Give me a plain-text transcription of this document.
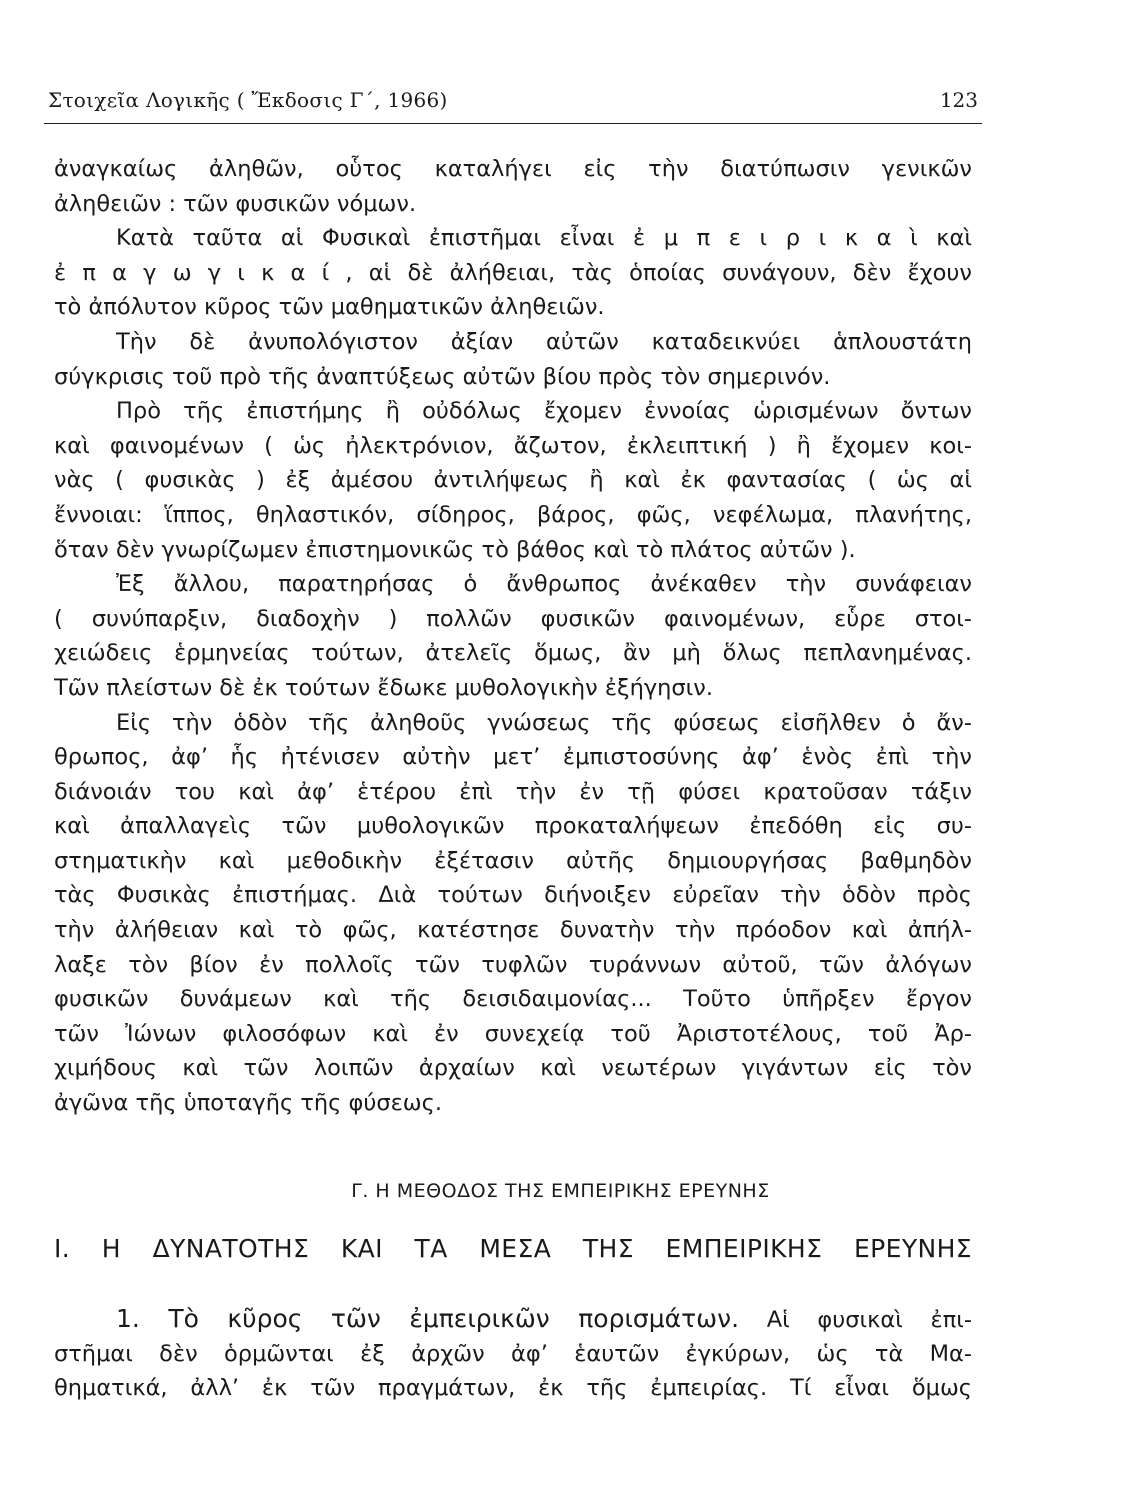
Στοιχεῖα Λογικῆς ( Ἔκδοσις Γ΄, 1966)	123
ἀναγκαίως ἀληθῶν, οὗτος καταλήγει εἰς τὴν διατύπωσιν γενικῶν
ἀληθειῶν : τῶν φυσικῶν νόμων.
Κατὰ ταῦτα αἱ Φυσικαὶ ἐπιστῆμαι εἶναι ἐ μ π ε ι ρ ι κ α ὶ καὶ
ἐ π α γ ω γ ι κ α ί , αἱ δὲ ἀλήθειαι, τὰς ὁποίας συνάγουν, δὲν ἔχουν
τὸ ἀπόλυτον κῦρος τῶν μαθηματικῶν ἀληθειῶν.
Τὴν δὲ ἀνυπολόγιστον ἀξίαν αὐτῶν καταδεικνύει ἁπλουστάτη
σύγκρισις τοῦ πρὸ τῆς ἀναπτύξεως αὐτῶν βίου πρὸς τὸν σημερινόν.
Πρὸ τῆς ἐπιστήμης ἢ οὐδόλως ἔχομεν ἐννοίας ὡρισμένων ὄντων
καὶ φαινομένων ( ὡς ἠλεκτρόνιον, ἄζωτον, ἐκλειπτική ) ἢ ἔχομεν κοι-
νὰς ( φυσικὰς ) ἐξ ἀμέσου ἀντιλήψεως ἢ καὶ ἐκ φαντασίας ( ὡς αἱ
ἔννοιαι: ἵππος, θηλαστικόν, σίδηρος, βάρος, φῶς, νεφέλωμα, πλανήτης,
ὅταν δὲν γνωρίζωμεν ἐπιστημονικῶς τὸ βάθος καὶ τὸ πλάτος αὐτῶν ).
Ἐξ ἄλλου, παρατηρήσας ὁ ἄνθρωπος ἀνέκαθεν τὴν συνάφειαν
( συνύπαρξιν, διαδοχὴν ) πολλῶν φυσικῶν φαινομένων, εὗρε στοι-
χειώδεις ἑρμηνείας τούτων, ἀτελεῖς ὅμως, ἂν μὴ ὅλως πεπλανημένας.
Τῶν πλείστων δὲ ἐκ τούτων ἔδωκε μυθολογικὴν ἐξήγησιν.
Εἰς τὴν ὁδὸν τῆς ἀληθοῦς γνώσεως τῆς φύσεως εἰσῆλθεν ὁ ἄν-
θρωπος, ἀφ’ ἧς ἠτένισεν αὐτὴν μετ’ ἐμπιστοσύνης ἀφ’ ἑνὸς ἐπὶ τὴν
διάνοιάν του καὶ ἀφ’ ἑτέρου ἐπὶ τὴν ἐν τῇ φύσει κρατοῦσαν τάξιν
καὶ ἀπαλλαγεὶς τῶν μυθολογικῶν προκαταλήψεων ἐπεδόθη εἰς συ-
στηματικὴν καὶ μεθοδικὴν ἐξέτασιν αὐτῆς δημιουργήσας βαθμηδὸν
τὰς Φυσικὰς ἐπιστήμας. Διὰ τούτων διήνοιξεν εὐρεῖαν τὴν ὁδὸν πρὸς
τὴν ἀλήθειαν καὶ τὸ φῶς, κατέστησε δυνατὴν τὴν πρόοδον καὶ ἀπήλ-
λαξε τὸν βίον ἐν πολλοῖς τῶν τυφλῶν τυράννων αὐτοῦ, τῶν ἀλόγων
φυσικῶν δυνάμεων καὶ τῆς δεισιδαιμονίας... Τοῦτο ὑπῆρξεν ἔργον
τῶν Ἰώνων φιλοσόφων καὶ ἐν συνεχείᾳ τοῦ Ἀριστοτέλους, τοῦ Ἀρ-
χιμήδους καὶ τῶν λοιπῶν ἀρχαίων καὶ νεωτέρων γιγάντων εἰς τὸν
ἀγῶνα τῆς ὑποταγῆς τῆς φύσεως.
Γ. Η ΜΕΘΟΔΟΣ ΤΗΣ ΕΜΠΕΙΡΙΚΗΣ ΕΡΕΥΝΗΣ
Ι. Η ΔΥΝΑΤΟΤΗΣ ΚΑΙ ΤΑ ΜΕΣΑ ΤΗΣ ΕΜΠΕΙΡΙΚΗΣ ΕΡΕΥΝΗΣ
1. Τὸ κῦρος τῶν ἐμπειρικῶν πορισμάτων. Αἱ φυσικαὶ ἐπι-
στῆμαι δὲν ὁρμῶνται ἐξ ἀρχῶν ἀφ’ ἑαυτῶν ἐγκύρων, ὡς τὰ Μα-
θηματικά, ἀλλ’ ἐκ τῶν πραγμάτων, ἐκ τῆς ἐμπειρίας. Τί εἶναι ὅμως
